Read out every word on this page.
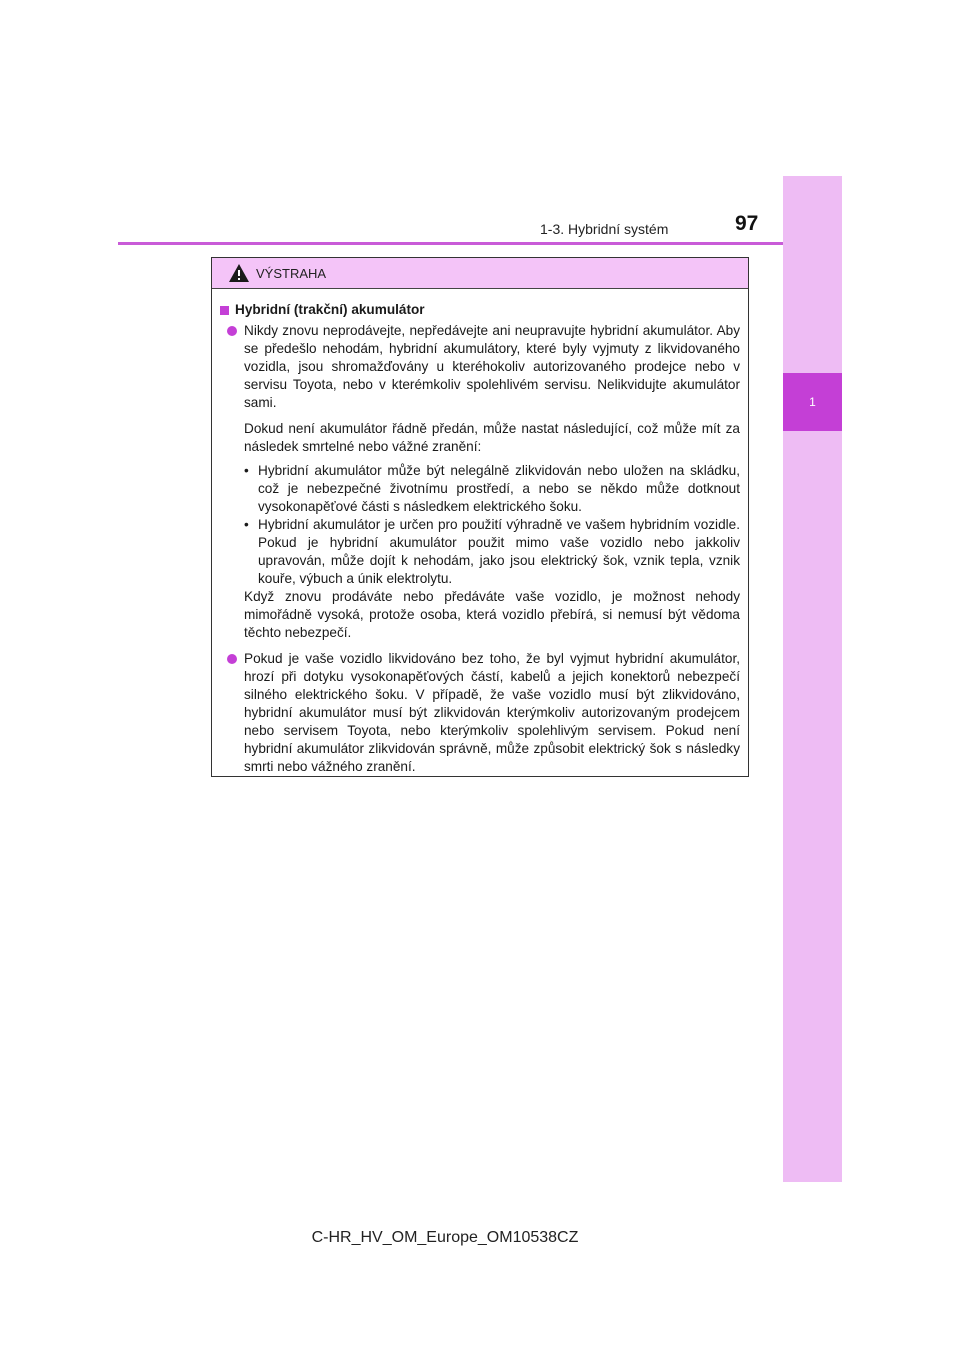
1
1-3. Hybridní systém	97
VÝSTRAHA
Hybridní (trakční) akumulátor
Nikdy znovu neprodávejte, nepředávejte ani neupravujte hybridní akumulátor. Aby se předešlo nehodám, hybridní akumulátory, které byly vyjmuty z likvidovaného vozidla, jsou shromažďovány u kteréhokoliv autorizovaného prodejce nebo v servisu Toyota, nebo v kterémkoliv spolehlivém servisu. Nelikvidujte akumulátor sami.
Dokud není akumulátor řádně předán, může nastat následující, což může mít za následek smrtelné nebo vážné zranění:
• Hybridní akumulátor může být nelegálně zlikvidován nebo uložen na skládku, což je nebezpečné životnímu prostředí, a nebo se někdo může dotknout vysokonapěťové části s následkem elektrického šoku.
• Hybridní akumulátor je určen pro použití výhradně ve vašem hybridním vozidle. Pokud je hybridní akumulátor použit mimo vaše vozidlo nebo jakkoliv upravován, může dojít k nehodám, jako jsou elektrický šok, vznik tepla, vznik kouře, výbuch a únik elektrolytu.
Když znovu prodáváte nebo předáváte vaše vozidlo, je možnost nehody mimořádně vysoká, protože osoba, která vozidlo přebírá, si nemusí být vědoma těchto nebezpečí.
Pokud je vaše vozidlo likvidováno bez toho, že byl vyjmut hybridní akumulátor, hrozí při dotyku vysokonapěťových částí, kabelů a jejich konektorů nebezpečí silného elektrického šoku. V případě, že vaše vozidlo musí být zlikvidováno, hybridní akumulátor musí být zlikvidován kterýmkoliv autorizovaným prodejcem nebo servisem Toyota, nebo kterýmkoliv spolehlivým servisem. Pokud není hybridní akumulátor zlikvidován správně, může způsobit elektrický šok s následky smrti nebo vážného zranění.
C-HR_HV_OM_Europe_OM10538CZ
